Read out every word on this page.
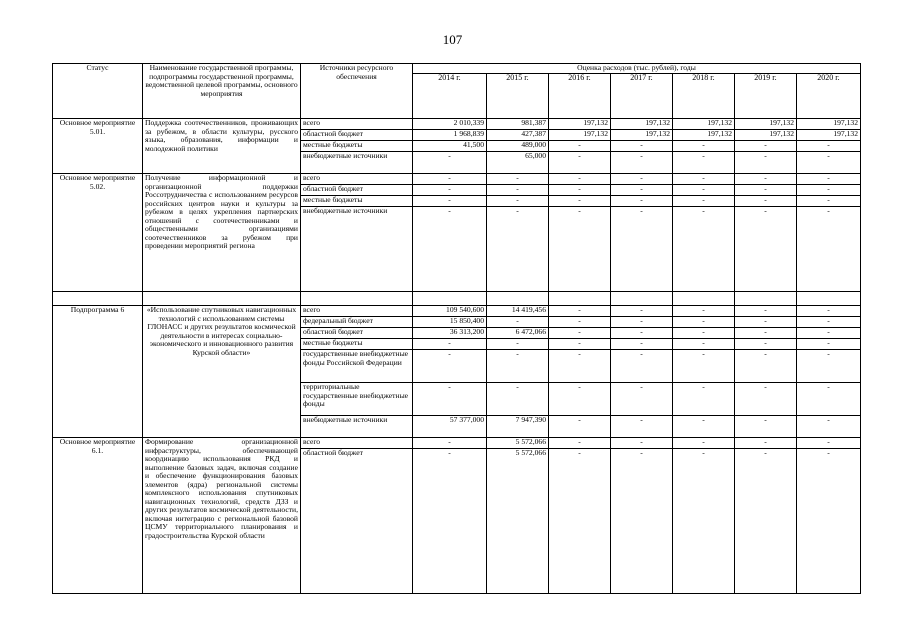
107
Статус	Наименование государственной программы, подпрограммы государственной программы, ведомственной целевой программы, основного мероприятия	Источники ресурсного обеспечения	Оценка расходов (тыс. рублей), годы						
			2014 г.	2015 г.	2016 г.	2017 г.	2018 г.	2019 г.	2020 г.
Основное мероприятие 5.01.	Поддержка соотечественников, проживающих за рубежом, в области культуры, русского языка, образования, информации и молодежной политики	всего	2 010,339	981,387	197,132	197,132	197,132	197,132	197,132
		областной бюджет	1 968,839	427,387	197,132	197,132	197,132	197,132	197,132
		местные бюджеты	41,500	489,000	-	-	-	-	-
		внебюджетные источники	-	65,000	-	-	-	-	-
Основное мероприятие 5.02.	Получение информационной и организационной поддержки Россотрудничества с использованием ресурсов российских центров науки и культуры за рубежом в целях укрепления партнерских отношений с соотечественниками и общественными организациями соотечественников за рубежом при проведении мероприятий региона	всего	-	-	-	-	-	-	-
		областной бюджет	-	-	-	-	-	-	-
		местные бюджеты	-	-	-	-	-	-	-
		внебюджетные источники	-	-	-	-	-	-	-

Подпрограмма 6	«Использование спутниковых навигационных технологий с использованием системы ГЛОНАСС и других результатов космической деятельности в интересах социально-экономического и инновационного развития Курской области»	всего	109 540,600	14 419,456	-	-	-	-	-
		федеральный бюджет	15 850,400	-	-	-	-	-	-
		областной бюджет	36 313,200	6 472,066	-	-	-	-	-
		местные бюджеты	-	-	-	-	-	-	-
		государственные внебюджетные фонды Российской Федерации	-	-	-	-	-	-	-
		территориальные государственные внебюджетные фонды	-	-	-	-	-	-	-
		внебюджетные источники	57 377,000	7 947,390	-	-	-	-	-
Основное мероприятие 6.1.	Формирование организационной инфраструктуры, обеспечивающей координацию использования РКД и выполнение базовых задач, включая создание и обеспечение функционирования базовых элементов (ядра) региональной системы комплексного использования спутниковых навигационных технологий, средств ДЗЗ и других результатов космической деятельности, включая интеграцию с региональной базовой ЦСМУ территориального планирования и градостроительства Курской области	всего	-	5 572,066	-	-	-	-	-
		областной бюджет	-	5 572,066	-	-	-	-	-
